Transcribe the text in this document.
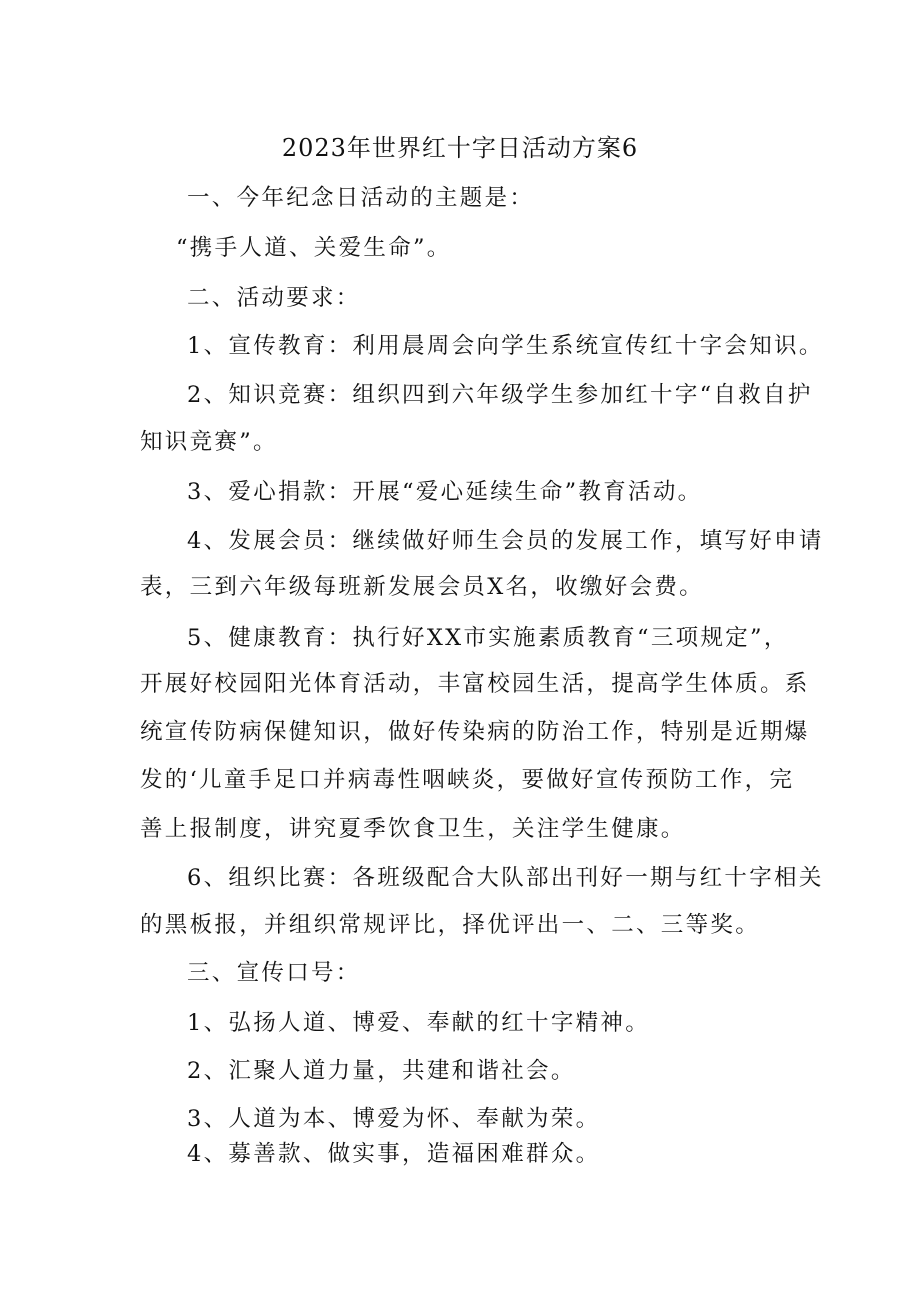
2023年世界红十字日活动方案6
一、今年纪念日活动的主题是：
“携手人道、关爱生命”。
二、活动要求：
1、宣传教育：利用晨周会向学生系统宣传红十字会知识。
2、知识竞赛：组织四到六年级学生参加红十字“自救自护
知识竞赛”。
3、爱心捐款：开展“爱心延续生命”教育活动。
4、发展会员：继续做好师生会员的发展工作，填写好申请
表，三到六年级每班新发展会员X名，收缴好会费。
5、健康教育：执行好XX市实施素质教育“三项规定”，
开展好校园阳光体育活动，丰富校园生活，提高学生体质。系
统宣传防病保健知识，做好传染病的防治工作，特别是近期爆
发的‘儿童手足口并病毒性咽峡炎，要做好宣传预防工作，完
善上报制度，讲究夏季饮食卫生，关注学生健康。
6、组织比赛：各班级配合大队部出刊好一期与红十字相关
的黑板报，并组织常规评比，择优评出一、二、三等奖。
三、宣传口号：
1、弘扬人道、博爱、奉献的红十字精神。
2、汇聚人道力量，共建和谐社会。
3、人道为本、博爱为怀、奉献为荣。
4、募善款、做实事，造福困难群众。
